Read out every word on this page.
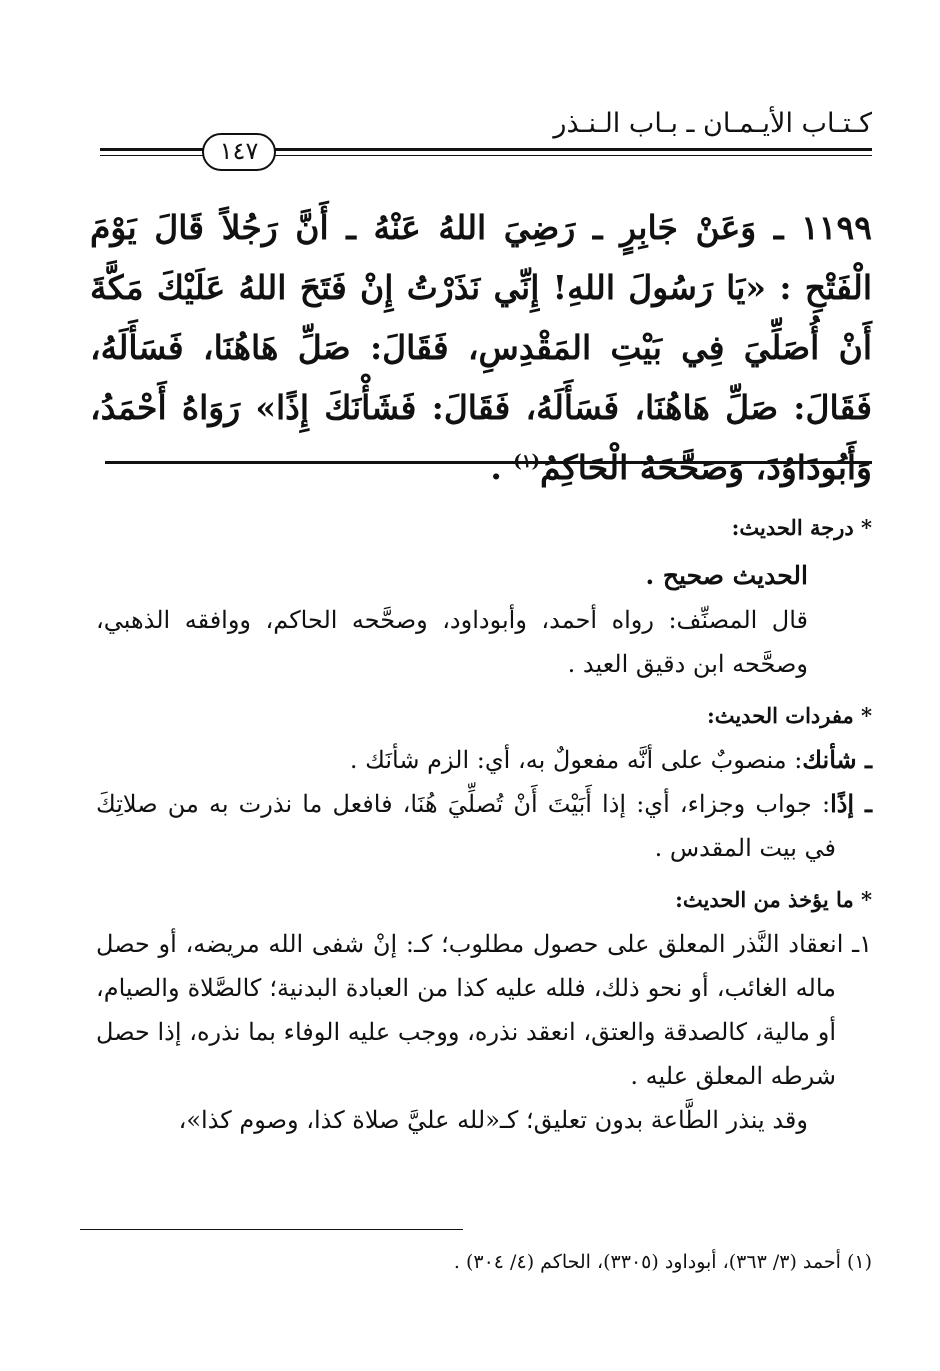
كـتـاب الأيـمـان ـ بـاب الـنـذر
١٤٧
١١٩٩ ـ وَعَنْ جَابِرٍ ـ رَضِيَ اللهُ عَنْهُ ـ أَنَّ رَجُلاً قَالَ يَوْمَ الْفَتْحِ : «يَا رَسُولَ اللهِ! إِنِّي نَذَرْتُ إِنْ فَتَحَ اللهُ عَلَيْكَ مَكَّةَ أَنْ أُصَلِّيَ فِي بَيْتِ المَقْدِسِ، فَقَالَ: صَلِّ هَاهُنَا، فَسَأَلَهُ، فَقَالَ: صَلِّ هَاهُنَا، فَسَأَلَهُ، فَقَالَ: فَشَأْنَكَ إِذًا» رَوَاهُ أَحْمَدُ، وَأَبُودَاوُدَ، وَصَحَّحَهُ الْحَاكِمُ$^{(١)}$ .

* درجة الحديث:

الحديث صحيح .

قال المصنِّف: رواه أحمد، وأبوداود، وصحَّحه الحاكم، ووافقه الذهبي، وصحَّحه ابن دقيق العيد .

* مفردات الحديث:

ـ شأنك: منصوبٌ على أنَّه مفعولٌ به، أي: الزم شأنَك .

ـ إذًا: جواب وجزاء، أي: إذا أَبَيْتَ أَنْ تُصلِّيَ هُنَا، فافعل ما نذرت به من صلاتِكَ في بيت المقدس .

* ما يؤخذ من الحديث:

١ـ انعقاد النَّذر المعلق على حصول مطلوب؛ كـ: إنْ شفى الله مريضه، أو حصل ماله الغائب، أو نحو ذلك، فلله عليه كذا من العبادة البدنية؛ كالصَّلاة والصيام، أو مالية، كالصدقة والعتق، انعقد نذره، ووجب عليه الوفاء بما نذره، إذا حصل شرطه المعلق عليه .

وقد ينذر الطَّاعة بدون تعليق؛ كـ«لله عليَّ صلاة كذا، وصوم كذا»،

(١) أحمد (٣/ ٣٦٣)، أبوداود (٣٣٠٥)، الحاكم (٤/ ٣٠٤) .
